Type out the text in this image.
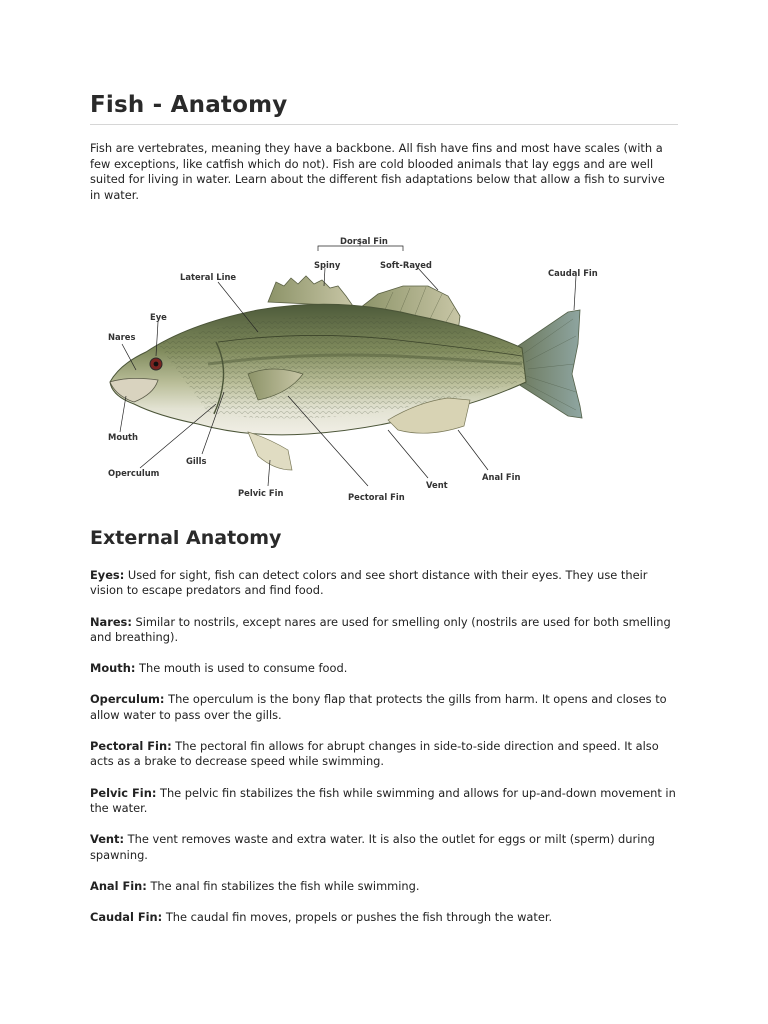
Fish - Anatomy

Fish are vertebrates, meaning they have a backbone. All fish have fins and most have scales (with a few exceptions, like catfish which do not). Fish are cold blooded animals that lay eggs and are well suited for living in water. Learn about the different fish adaptations below that allow a fish to survive in water.

Dorsal Fin
Spiny	Soft-Rayed
Caudal Fin
Lateral Line
Eye
Nares
Mouth
Operculum
Gills
Pelvic Fin	Pectoral Fin
Vent
Anal Fin
External Anatomy

Eyes: Used for sight, fish can detect colors and see short distance with their eyes. They use their vision to escape predators and find food.

Nares: Similar to nostrils, except nares are used for smelling only (nostrils are used for both smelling and breathing).

Mouth: The mouth is used to consume food.

Operculum: The operculum is the bony flap that protects the gills from harm. It opens and closes to allow water to pass over the gills.

Pectoral Fin: The pectoral fin allows for abrupt changes in side-to-side direction and speed. It also acts as a brake to decrease speed while swimming.

Pelvic Fin: The pelvic fin stabilizes the fish while swimming and allows for up-and-down movement in the water.

Vent: The vent removes waste and extra water. It is also the outlet for eggs or milt (sperm) during spawning.

Anal Fin: The anal fin stabilizes the fish while swimming.

Caudal Fin: The caudal fin moves, propels or pushes the fish through the water.
